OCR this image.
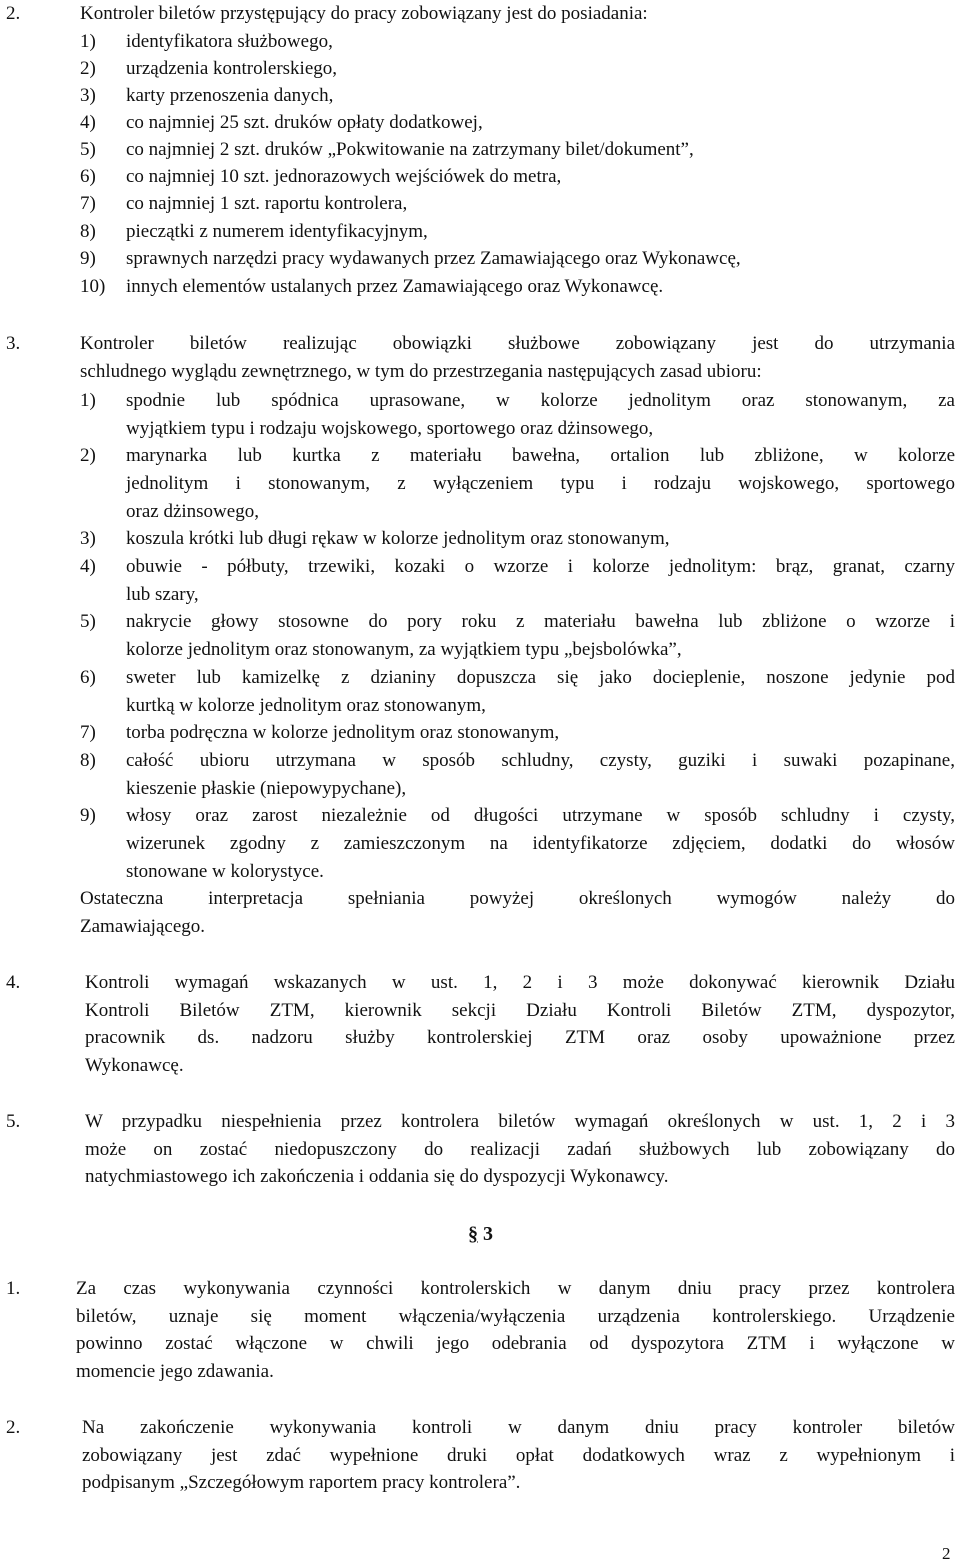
2.	Kontroler biletów przystępujący do pracy zobowiązany jest do posiadania:

1) identyfikatora służbowego,
2) urządzenia kontrolerskiego,
3) karty przenoszenia danych,
4) co najmniej 25 szt. druków opłaty dodatkowej,
5) co najmniej 2 szt. druków „Pokwitowanie na zatrzymany bilet/dokument”,
6) co najmniej 10 szt. jednorazowych wejściówek do metra,
7) co najmniej 1 szt. raportu kontrolera,
8) pieczątki z numerem identyfikacyjnym,
9) sprawnych narzędzi pracy wydawanych przez Zamawiającego oraz Wykonawcę,
10) innych elementów ustalanych przez Zamawiającego oraz Wykonawcę.

3.	Kontroler biletów realizując obowiązki służbowe zobowiązany jest do utrzymania

schludnego wyglądu zewnętrznego, w tym do przestrzegania następujących zasad ubioru:

1) spodnie lub spódnica uprasowane, w kolorze jednolitym oraz stonowanym, za
wyjątkiem typu i rodzaju wojskowego, sportowego oraz dżinsowego,
2) marynarka lub kurtka z materiału bawełna, ortalion lub zbliżone, w kolorze
jednolitym i stonowanym, z wyłączeniem typu i rodzaju wojskowego, sportowego
oraz dżinsowego,
3) koszula krótki lub długi rękaw w kolorze jednolitym oraz stonowanym,
4) obuwie - półbuty, trzewiki, kozaki o wzorze i kolorze jednolitym: brąz, granat, czarny
lub szary,
5) nakrycie głowy stosowne do pory roku z materiału bawełna lub zbliżone o wzorze i
kolorze jednolitym oraz stonowanym, za wyjątkiem typu „bejsbolówka”,
6) sweter lub kamizelkę z dzianiny dopuszcza się jako docieplenie, noszone jedynie pod
kurtką w kolorze jednolitym oraz stonowanym,
7) torba podręczna w kolorze jednolitym oraz stonowanym,
8) całość ubioru utrzymana w sposób schludny, czysty, guziki i suwaki pozapinane,
kieszenie płaskie (niepowypychane),
9) włosy oraz zarost niezależnie od długości utrzymane w sposób schludny i czysty,
wizerunek zgodny z zamieszczonym na identyfikatorze zdjęciem, dodatki do włosów
stonowane w kolorystyce.

Ostateczna interpretacja spełniania powyżej określonych wymogów należy do

Zamawiającego.

4.	Kontroli wymagań wskazanych w ust. 1, 2 i 3 może dokonywać kierownik Działu

Kontroli Biletów ZTM, kierownik sekcji Działu Kontroli Biletów ZTM, dyspozytor,

pracownik ds. nadzoru służby kontrolerskiej ZTM oraz osoby upoważnione przez

Wykonawcę.

5.	W przypadku niespełnienia przez kontrolera biletów wymagań określonych w ust. 1, 2 i 3

może on zostać niedopuszczony do realizacji zadań służbowych lub zobowiązany do

natychmiastowego ich zakończenia i oddania się do dyspozycji Wykonawcy.

§ 3

1.	Za czas wykonywania czynności kontrolerskich w danym dniu pracy przez kontrolera

biletów, uznaje się moment włączenia/wyłączenia urządzenia kontrolerskiego. Urządzenie

powinno zostać włączone w chwili jego odebrania od dyspozytora ZTM i wyłączone w

momencie jego zdawania.

2.	Na zakończenie wykonywania kontroli w danym dniu pracy kontroler biletów

zobowiązany jest zdać wypełnione druki opłat dodatkowych wraz z wypełnionym i

podpisanym „Szczegółowym raportem pracy kontrolera”.

2
